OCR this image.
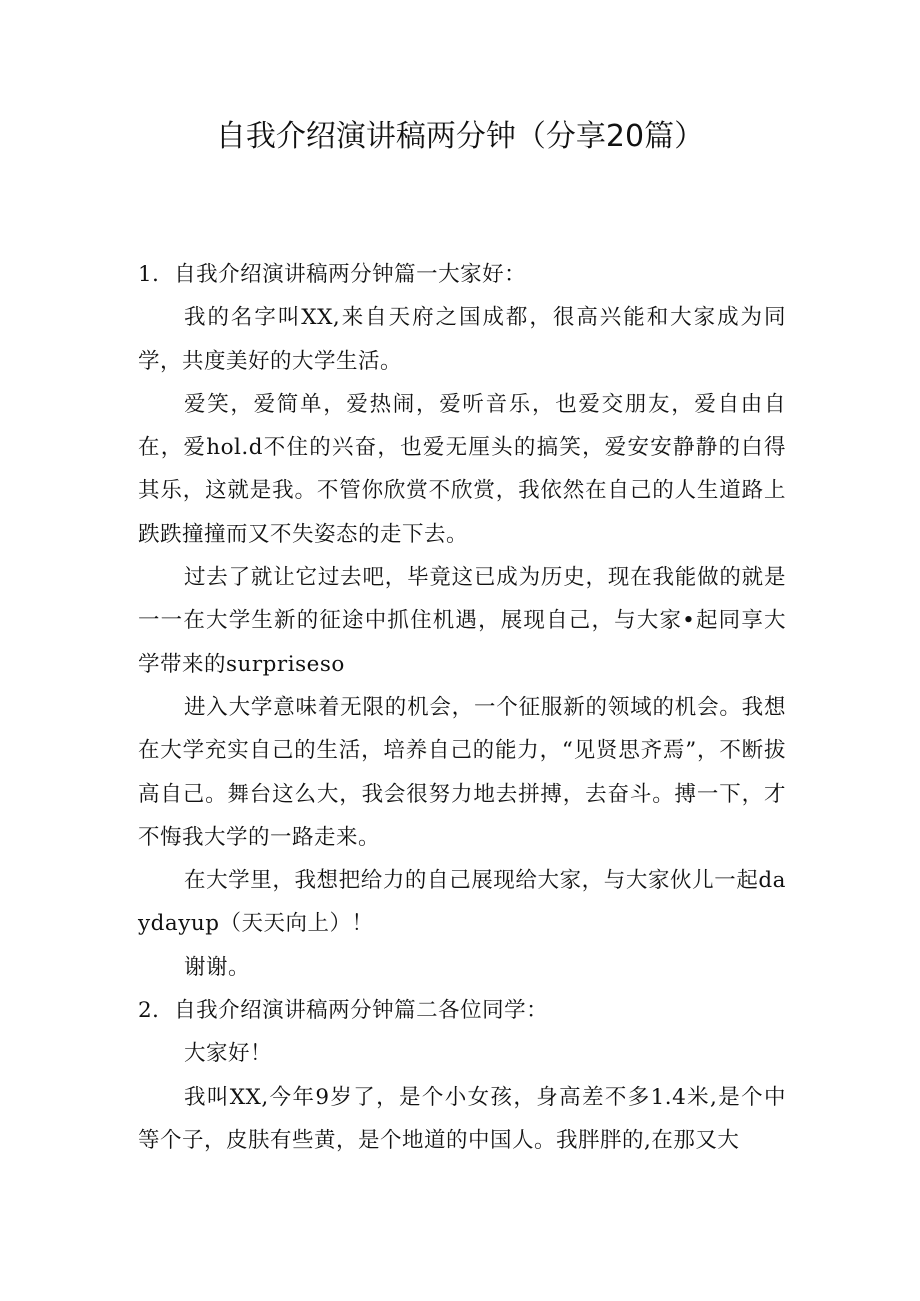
自我介绍演讲稿两分钟（分享20篇）

1．自我介绍演讲稿两分钟篇一大家好：

我的名字叫XX,来自天府之国成都，很高兴能和大家成为同学，共度美好的大学生活。

爱笑，爱简单，爱热闹，爱听音乐，也爱交朋友，爱自由自在，爱hol.d不住的兴奋，也爱无厘头的搞笑，爱安安静静的白得其乐，这就是我。不管你欣赏不欣赏，我依然在自己的人生道路上跌跌撞撞而又不失姿态的走下去。

过去了就让它过去吧，毕竟这已成为历史，现在我能做的就是一一在大学生新的征途中抓住机遇，展现自己，与大家•起同享大学带来的surpriseso

进入大学意味着无限的机会，一个征服新的领域的机会。我想在大学充实自己的生活，培养自己的能力，“见贤思齐焉”，不断拔高自己。舞台这么大，我会很努力地去拼搏，去奋斗。搏一下，才不悔我大学的一路走来。

在大学里，我想把给力的自己展现给大家，与大家伙儿一起daydayup（天天向上）！

谢谢。

2．自我介绍演讲稿两分钟篇二各位同学：

大家好！

我叫XX,今年9岁了，是个小女孩，身高差不多1.4米,是个中等个子，皮肤有些黄，是个地道的中国人。我胖胖的,在那又大
